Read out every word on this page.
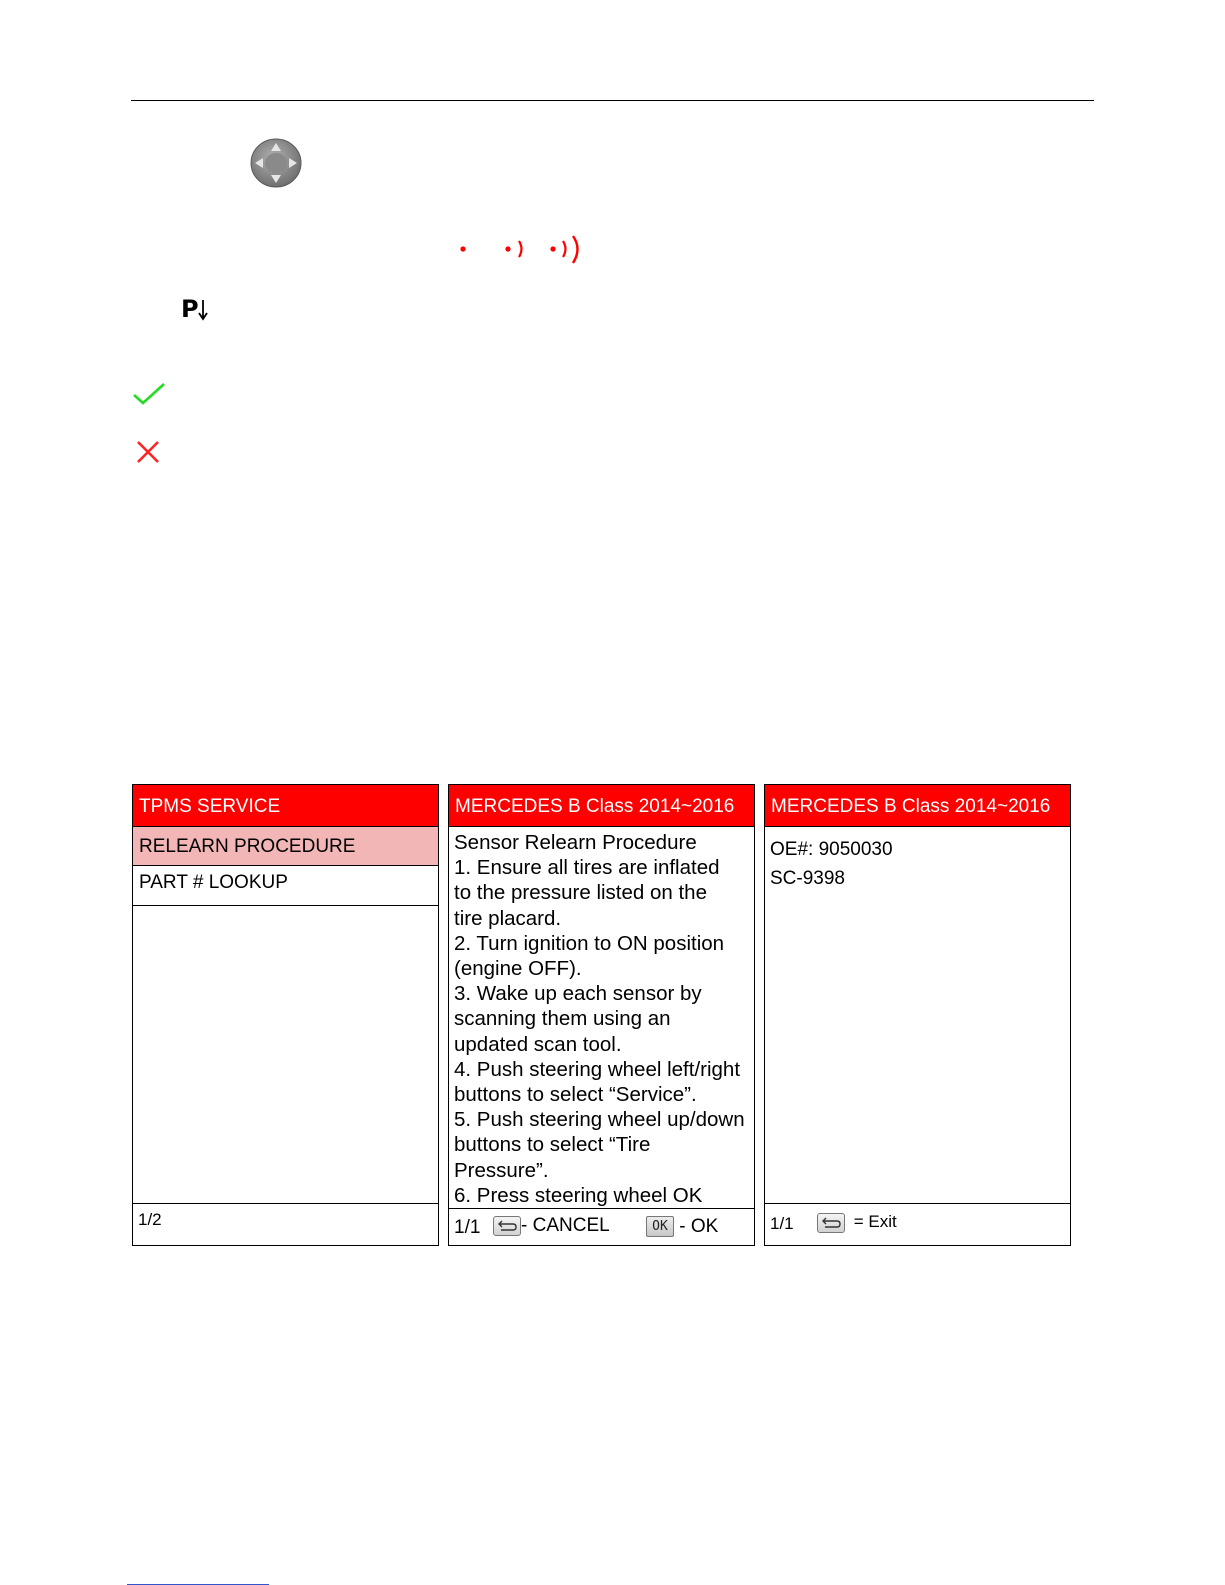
P
TPMS SERVICE
RELEARN PROCEDURE
PART # LOOKUP
1/2
MERCEDES B Class 2014~2016
Sensor Relearn Procedure
1. Ensure all tires are inflated
to the pressure listed on the
tire placard.
2. Turn ignition to ON position
(engine OFF).
3. Wake up each sensor by
scanning them using an
updated scan tool.
4. Push steering wheel left/right
buttons to select “Service”.
5. Push steering wheel up/down
buttons to select “Tire
Pressure”.
6. Press steering wheel OK
1/1	- CANCEL	OK - OK
MERCEDES B Class 2014~2016
OE#: 9050030
SC-9398
1/1	= Exit
